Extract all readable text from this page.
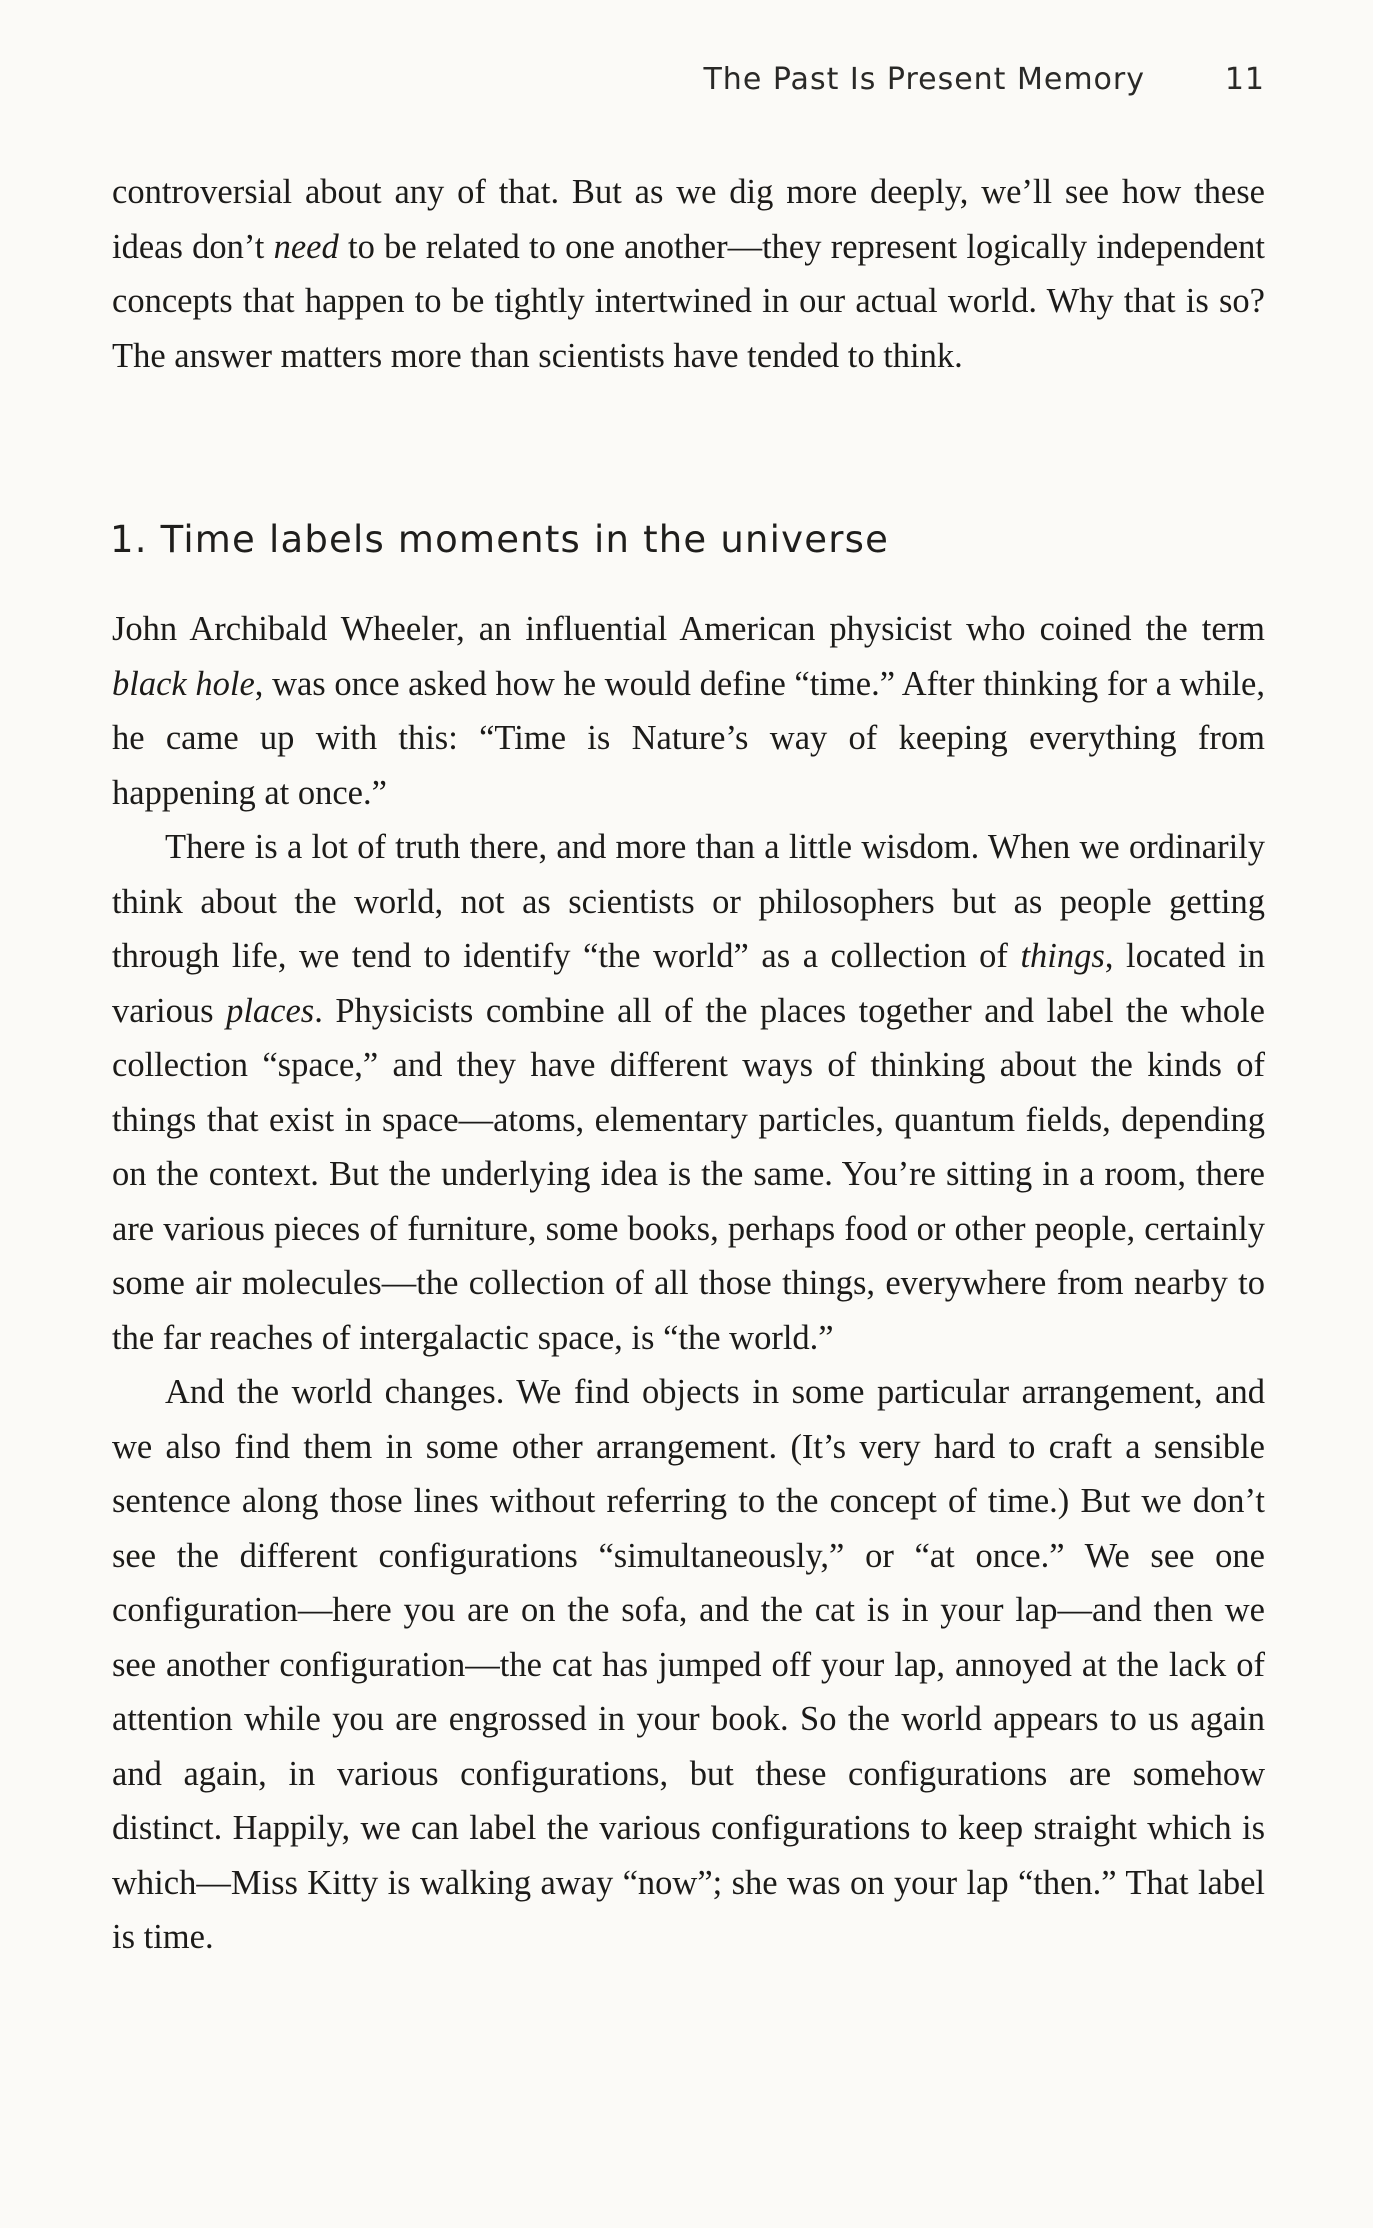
The Past Is Present Memory	11

controversial about any of that. But as we dig more deeply, we’ll see how these ideas don’t need to be related to one another—they represent logically independent concepts that happen to be tightly intertwined in our actual world. Why that is so? The answer matters more than scientists have tended to think.

1. Time labels moments in the universe

John Archibald Wheeler, an influential American physicist who coined the term black hole, was once asked how he would define “time.” After thinking for a while, he came up with this: “Time is Nature’s way of keeping everything from happening at once.”

There is a lot of truth there, and more than a little wisdom. When we ordinarily think about the world, not as scientists or philosophers but as people getting through life, we tend to identify “the world” as a collection of things, located in various places. Physicists combine all of the places together and label the whole collection “space,” and they have different ways of thinking about the kinds of things that exist in space—atoms, elementary particles, quantum fields, depending on the context. But the underlying idea is the same. You’re sitting in a room, there are various pieces of furniture, some books, perhaps food or other people, certainly some air molecules—the collection of all those things, everywhere from nearby to the far reaches of intergalactic space, is “the world.”

And the world changes. We find objects in some particular arrangement, and we also find them in some other arrangement. (It’s very hard to craft a sensible sentence along those lines without referring to the concept of time.) But we don’t see the different configurations “simultaneously,” or “at once.” We see one configuration—here you are on the sofa, and the cat is in your lap—and then we see another configuration—the cat has jumped off your lap, annoyed at the lack of attention while you are engrossed in your book. So the world appears to us again and again, in various configurations, but these configurations are somehow distinct. Happily, we can label the various configurations to keep straight which is which—Miss Kitty is walking away “now”; she was on your lap “then.” That label is time.
